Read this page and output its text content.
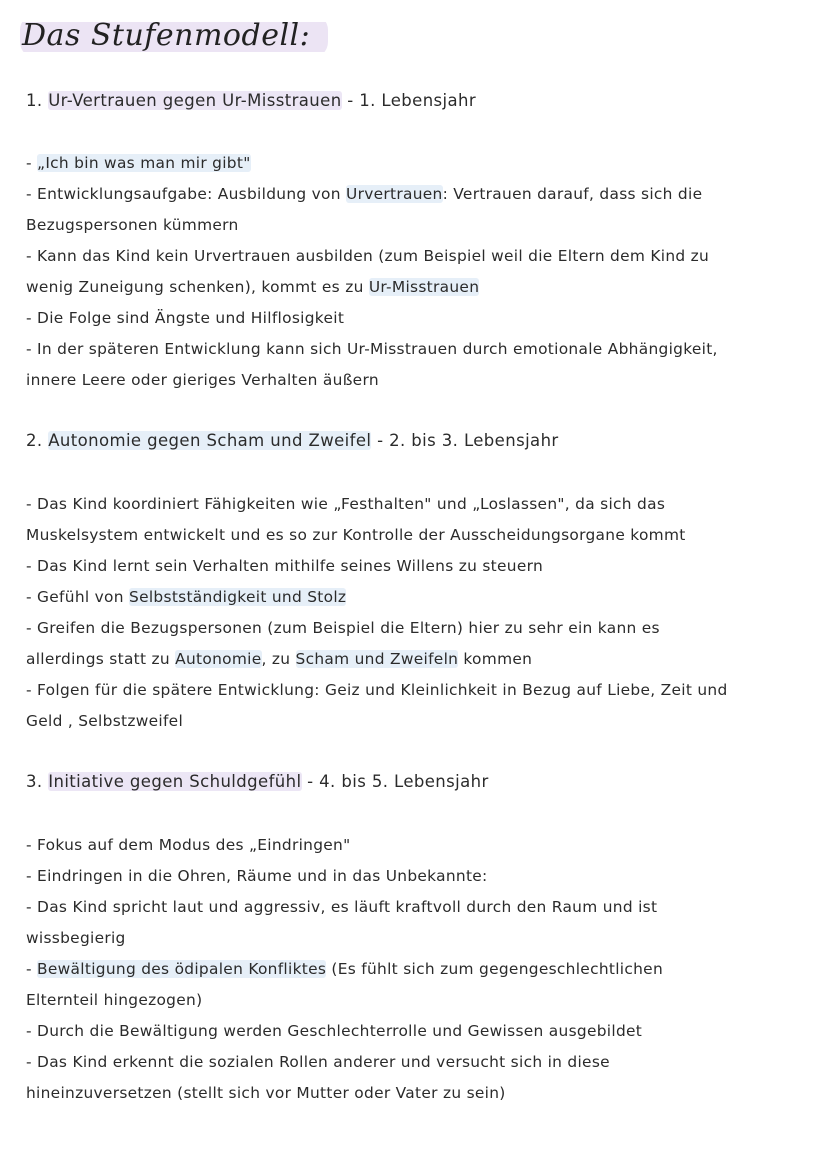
Das Stufenmodell:
1. Ur-Vertrauen gegen Ur-Misstrauen - 1. Lebensjahr
- „Ich bin was man mir gibt"
- Entwicklungsaufgabe: Ausbildung von Urvertrauen: Vertrauen darauf, dass sich die
Bezugspersonen kümmern
- Kann das Kind kein Urvertrauen ausbilden (zum Beispiel weil die Eltern dem Kind zu
wenig Zuneigung schenken), kommt es zu Ur-Misstrauen
- Die Folge sind Ängste und Hilflosigkeit
- In der späteren Entwicklung kann sich Ur-Misstrauen durch emotionale Abhängigkeit,
innere Leere oder gieriges Verhalten äußern
2. Autonomie gegen Scham und Zweifel - 2. bis 3. Lebensjahr
- Das Kind koordiniert Fähigkeiten wie „Festhalten" und „Loslassen", da sich das
Muskelsystem entwickelt und es so zur Kontrolle der Ausscheidungsorgane kommt
- Das Kind lernt sein Verhalten mithilfe seines Willens zu steuern
- Gefühl von Selbstständigkeit und Stolz
- Greifen die Bezugspersonen (zum Beispiel die Eltern) hier zu sehr ein kann es
allerdings statt zu Autonomie, zu Scham und Zweifeln kommen
- Folgen für die spätere Entwicklung: Geiz und Kleinlichkeit in Bezug auf Liebe, Zeit und
Geld , Selbstzweifel
3. Initiative gegen Schuldgefühl - 4. bis 5. Lebensjahr
- Fokus auf dem Modus des „Eindringen"
- Eindringen in die Ohren, Räume und in das Unbekannte:
- Das Kind spricht laut und aggressiv, es läuft kraftvoll durch den Raum und ist
wissbegierig
- Bewältigung des ödipalen Konfliktes (Es fühlt sich zum gegengeschlechtlichen
Elternteil hingezogen)
- Durch die Bewältigung werden Geschlechterrolle und Gewissen ausgebildet
- Das Kind erkennt die sozialen Rollen anderer und versucht sich in diese
hineinzuversetzen (stellt sich vor Mutter oder Vater zu sein)
